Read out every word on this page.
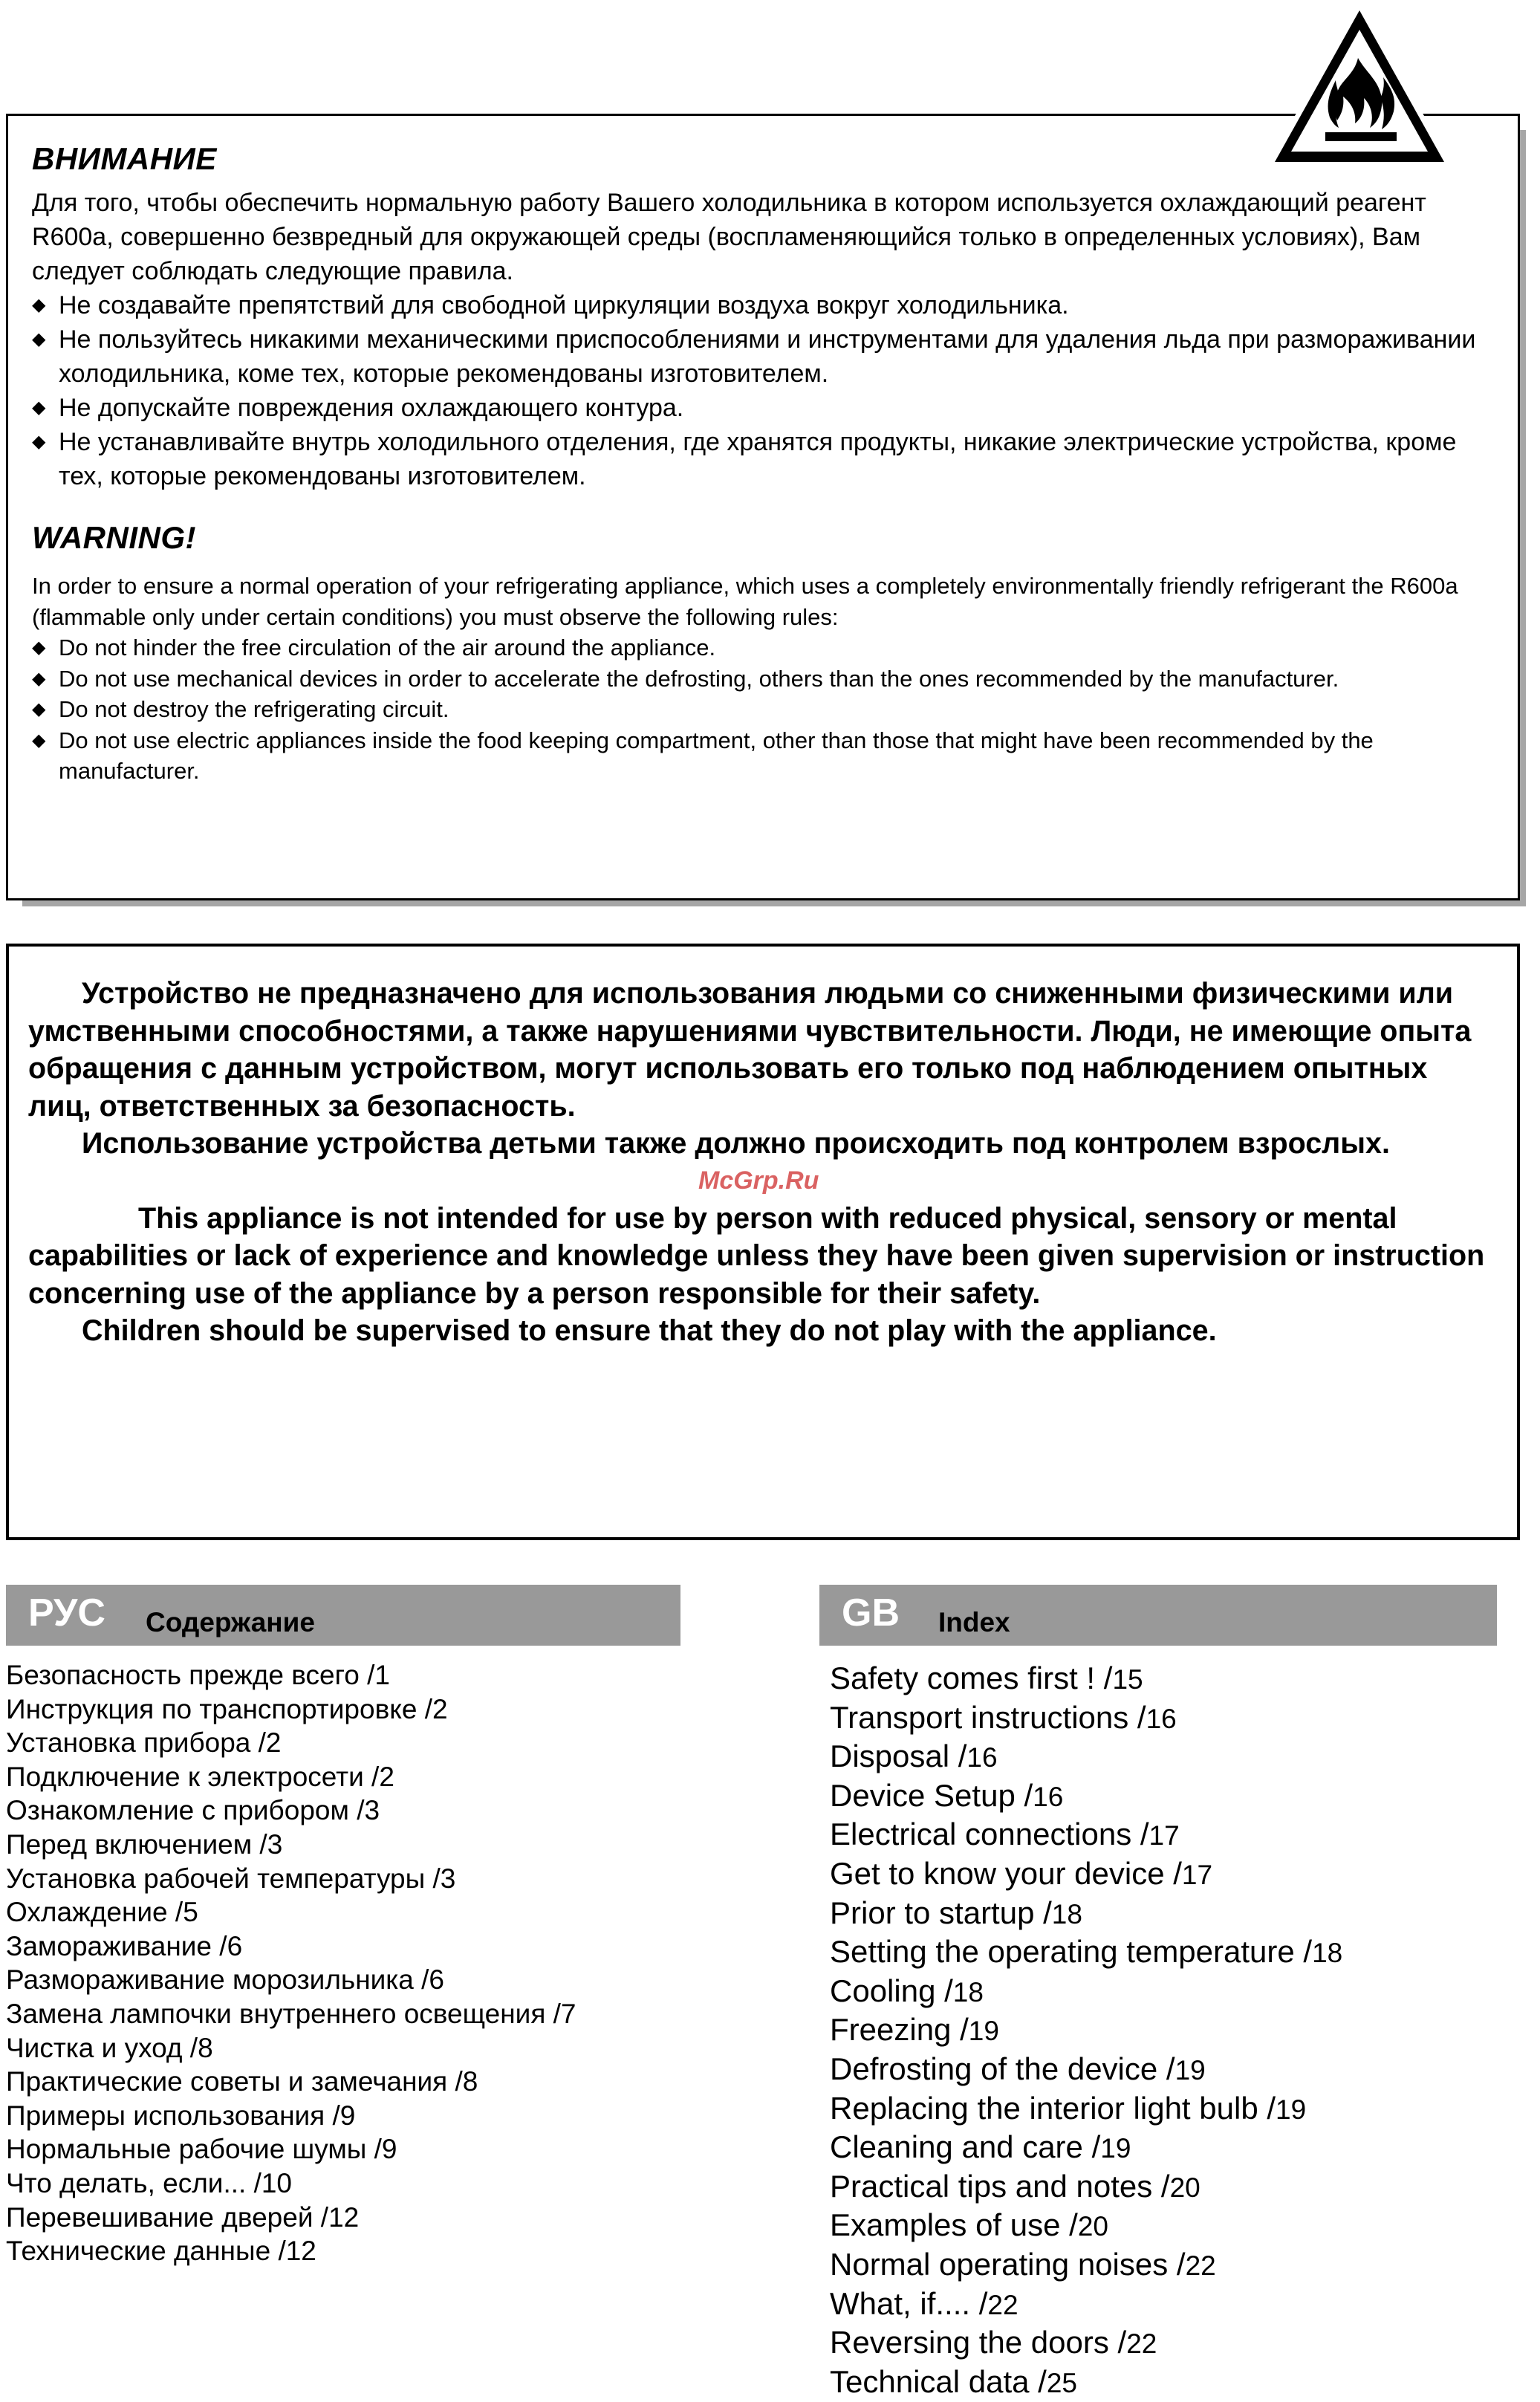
ВНИМАНИЕ

Для того, чтобы обеспечить нормальную работу Вашего холодильника в котором используется охлаждающий реагент R600a, совершенно безвредный для окружающей среды (воспламеняющийся только в определенных условиях), Вам следует соблюдать следующие правила.

◆ Не создавайте препятствий для свободной циркуляции воздуха вокруг холодильника.
◆ Не пользуйтесь никакими механическими приспособлениями и инструментами для удаления льда при размораживании холодильника, коме тех, которые рекомендованы изготовителем.
◆ Не допускайте повреждения охлаждающего контура.
◆ Не устанавливайте внутрь холодильного отделения, где хранятся продукты, никакие электрические устройства, кроме тех, которые рекомендованы изготовителем.
WARNING!

In order to ensure a normal operation of your refrigerating appliance, which uses a completely environmentally friendly refrigerant the R600a (flammable only under certain conditions) you must observe the following rules:

◆ Do not hinder the free circulation of the air around the appliance.
◆ Do not use mechanical devices in order to accelerate the defrosting, others than the ones recommended by the manufacturer.
◆ Do not destroy the refrigerating circuit.
◆ Do not use electric appliances inside the food keeping compartment, other than those that might have been recommended by the manufacturer.

Устройство не предназначено для использования людьми со сниженными физическими или умственными способностями, а также нарушениями чувствительности. Люди, не имеющие опыта обращения с данным устройством, могут использовать его только под наблюдением опытных лиц, ответственных за безопасность.

Использование устройства детьми также должно происходить под контролем взрослых.

This appliance is not intended for use by person with reduced physical, sensory or mental capabilities or lack of experience and knowledge unless they have been given supervision or instruction concerning use of the appliance by a person responsible for their safety.

Children should be supervised to ensure that they do not play with the appliance.

McGrp.Ru
РУС Содержание
Безопасность прежде всего /1
Инструкция по транспортировке /2
Установка прибора /2
Подключение к электросети /2
Ознакомление с прибором /3
Перед включением /3
Установка рабочей температуры /3
Охлаждение /5
Замораживание /6
Размораживание морозильника /6
Замена лампочки внутреннего освещения /7
Чистка и уход /8
Практические советы и замечания /8
Примеры использования /9
Нормальные рабочие шумы /9
Что делать, если... /10
Перевешивание дверей /12
Технические данные /12
GB Index
Safety comes first ! /15
Transport instructions /16
Disposal /16
Device Setup /16
Electrical connections /17
Get to know your device /17
Prior to startup /18
Setting the operating temperature /18
Cooling /18
Freezing /19
Defrosting of the device /19
Replacing the interior light bulb /19
Cleaning and care /19
Practical tips and notes /20
Examples of use /20
Normal operating noises /22
What, if.... /22
Reversing the doors /22
Technical data /25
